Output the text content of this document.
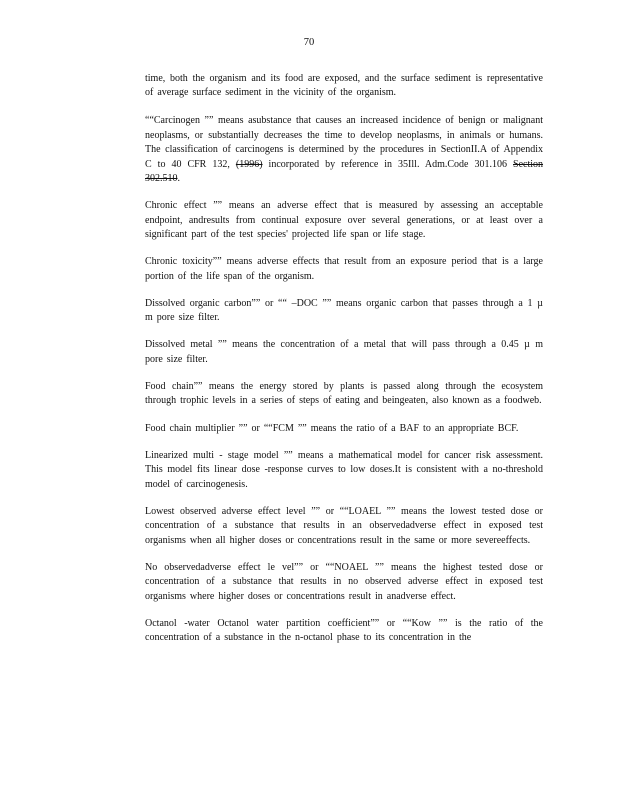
70

time, both the organism and its food are exposed, and the surface sediment is representative of average surface sediment in the vicinity of the organism.

““Carcinogen ”” means asubstance that causes an increased incidence of benign or malignant neoplasms, or substantially decreases the time to develop neoplasms, in animals or humans. The classification of carcinogens is determined by the procedures in SectionII.A of Appendix C to 40 CFR 132, (1996) incorporated by reference in 35Ill. Adm.Code 301.106 Section 302.510.

Chronic effect ”” means an adverse effect that is measured by assessing an acceptable endpoint, andresults from continual exposure over several generations, or at least over a significant part of the test species' projected life span or life stage.

Chronic toxicity”” means adverse effects that result from an exposure period that is a large portion of the life span of the organism.

Dissolved organic carbon”” or ““ –DOC ”” means organic carbon that passes through a 1 µ m pore size filter.

Dissolved metal ”” means the concentration of a metal that will pass through a 0.45 µ m pore size filter.

Food chain”” means the energy stored by plants is passed along through the ecosystem through trophic levels in a series of steps of eating and beingeaten, also known as a foodweb.

Food chain multiplier ”” or ““FCM ”” means the ratio of a BAF to an appropriate BCF.

Linearized multi - stage model ”” means a mathematical model for cancer risk assessment. This model fits linear dose -response curves to low doses.It is consistent with a no-threshold model of carcinogenesis.

Lowest observed adverse effect level ”” or ““LOAEL ”” means the lowest tested dose or concentration of a substance that results in an observedadverse effect in exposed test organisms when all higher doses or concentrations result in the same or more severeeffects.

No observedadverse effect le vel”” or ““NOAEL ”” means the highest tested dose or concentration of a substance that results in no observed adverse effect in exposed test organisms where higher doses or concentrations result in anadverse effect.

Octanol -water Octanol water partition coefficient”” or ““Kow ”” is the ratio of the concentration of a substance in the n-octanol phase to its concentration in the
